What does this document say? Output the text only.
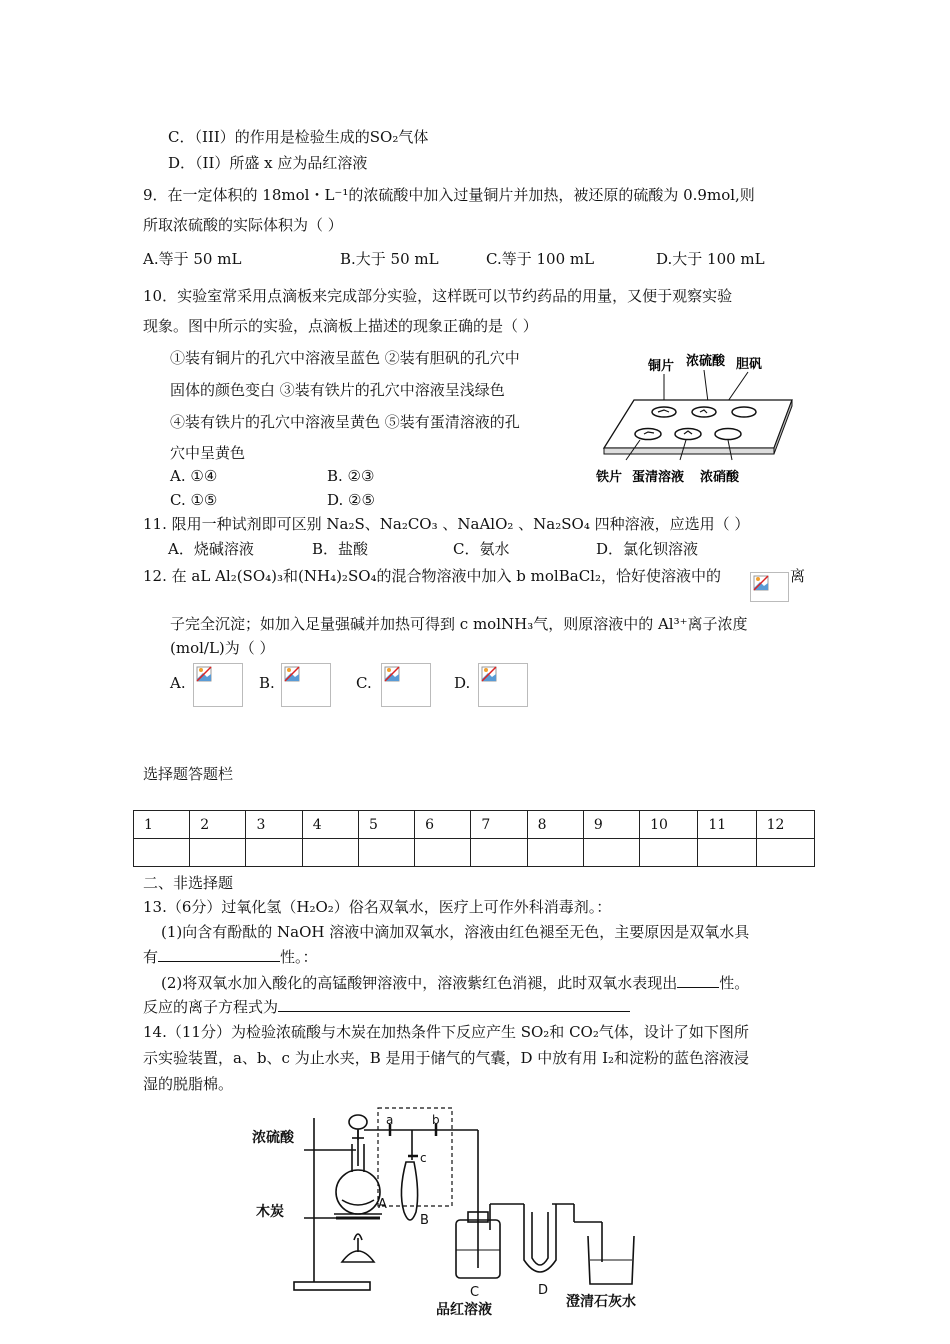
C．（III）的作用是检验生成的SO₂气体
D．（II）所盛 x 应为品红溶液
9．在一定体积的 18mol・L⁻¹的浓硫酸中加入过量铜片并加热，被还原的硫酸为 0.9mol,则
所取浓硫酸的实际体积为（ ）
A.等于 50 mL	B.大于 50 mL	C.等于 100 mL	D.大于 100 mL
10．实验室常采用点滴板来完成部分实验，这样既可以节约药品的用量，又便于观察实验
现象。图中所示的实验，点滴板上描述的现象正确的是（ ）
①装有铜片的孔穴中溶液呈蓝色 ②装有胆矾的孔穴中
固体的颜色变白 ③装有铁片的孔穴中溶液呈浅绿色
④装有铁片的孔穴中溶液呈黄色 ⑤装有蛋清溶液的孔
穴中呈黄色
A. ①④	B. ②③
C. ①⑤	D. ②⑤
铜片 浓硫酸 胆矾
铁片 蛋清溶液 浓硝酸
11. 限用一种试剂即可区别 Na₂S、Na₂CO₃ 、NaAlO₂ 、Na₂SO₄ 四种溶液，应选用（ ）
A．烧碱溶液	B．盐酸	C．氨水	D．氯化钡溶液
12. 在 aL Al₂(SO₄)₃和(NH₄)₂SO₄的混合物溶液中加入 b molBaCl₂，恰好使溶液中的	离
子完全沉淀；如加入足量强碱并加热可得到 c molNH₃气，则原溶液中的 Al³⁺离子浓度
(mol/L)为（ ）
A.	B.	C.	D.
选择题答题栏
1	2	3	4	5	6	7	8	9	10	11	12

二、非选择题
13.（6分）过氧化氢（H₂O₂）俗名双氧水，医疗上可作外科消毒剂。：
(1)向含有酚酞的 NaOH 溶液中滴加双氧水，溶液由红色褪至无色，主要原因是双氧水具
有	性。：
(2)将双氧水加入酸化的高锰酸钾溶液中，溶液紫红色消褪，此时双氧水表现出	性。
反应的离子方程式为
14.（11分）为检验浓硫酸与木炭在加热条件下反应产生 SO₂和 CO₂气体，设计了如下图所
示实验装置，a、b、c 为止水夹，B 是用于储气的气囊，D 中放有用 I₂和淀粉的蓝色溶液浸
湿的脱脂棉。
浓硫酸
木炭
a	b
c
A
B
C	D
品红溶液	澄清石灰水
